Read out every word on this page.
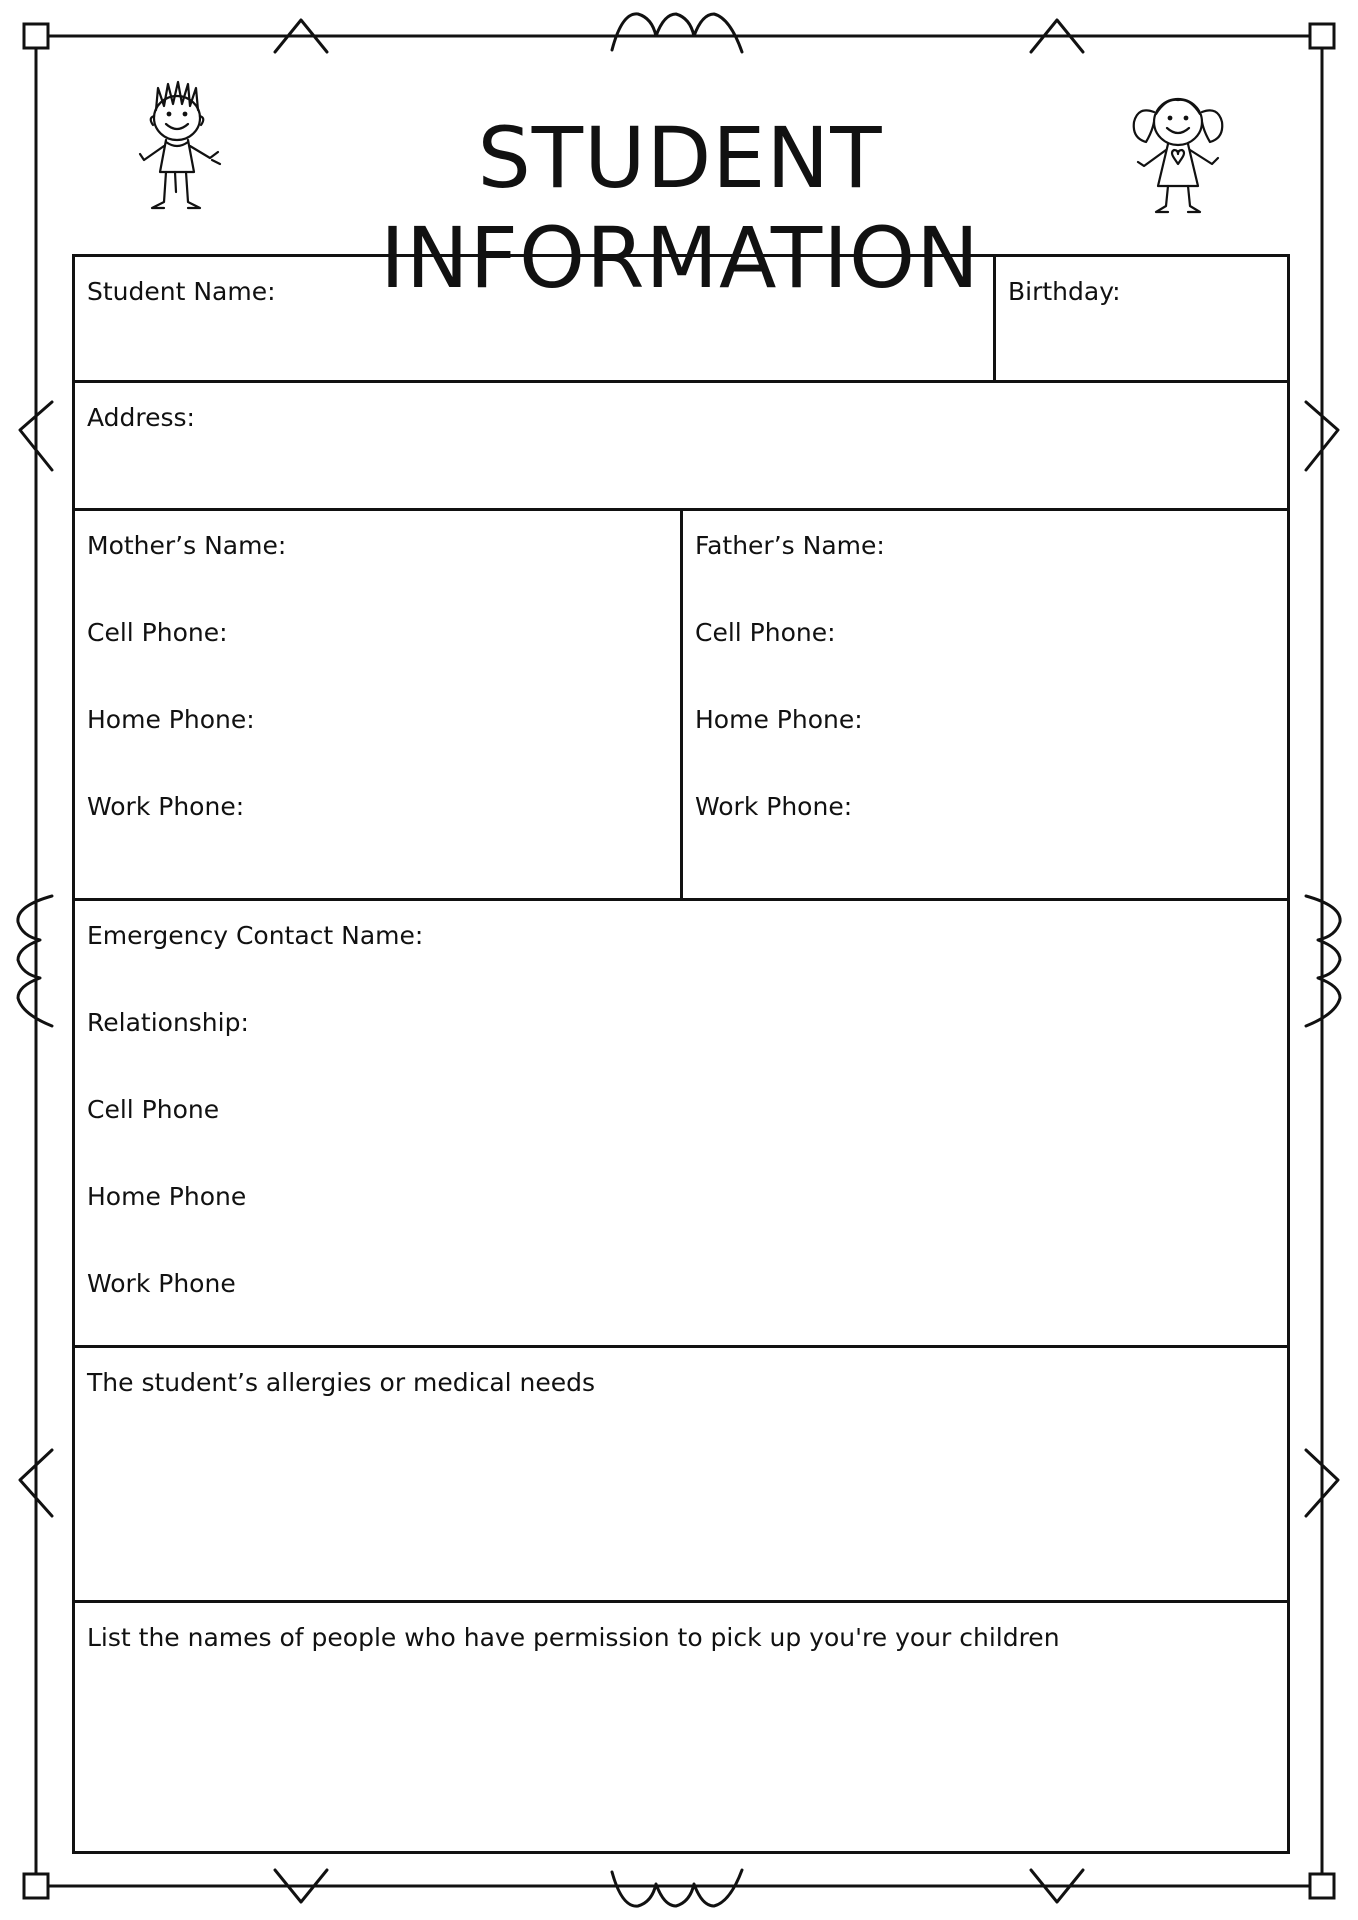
STUDENT INFORMATION
Student Name:	Birthday:
Address:
Mother’s Name:
Cell Phone:
Home Phone:
Work Phone:
Father’s Name:
Cell Phone:
Home Phone:
Work Phone:
Emergency Contact Name:
Relationship:
Cell Phone
Home Phone
Work Phone
The student’s allergies or medical needs
List the names of people who have permission to pick up you're your children
